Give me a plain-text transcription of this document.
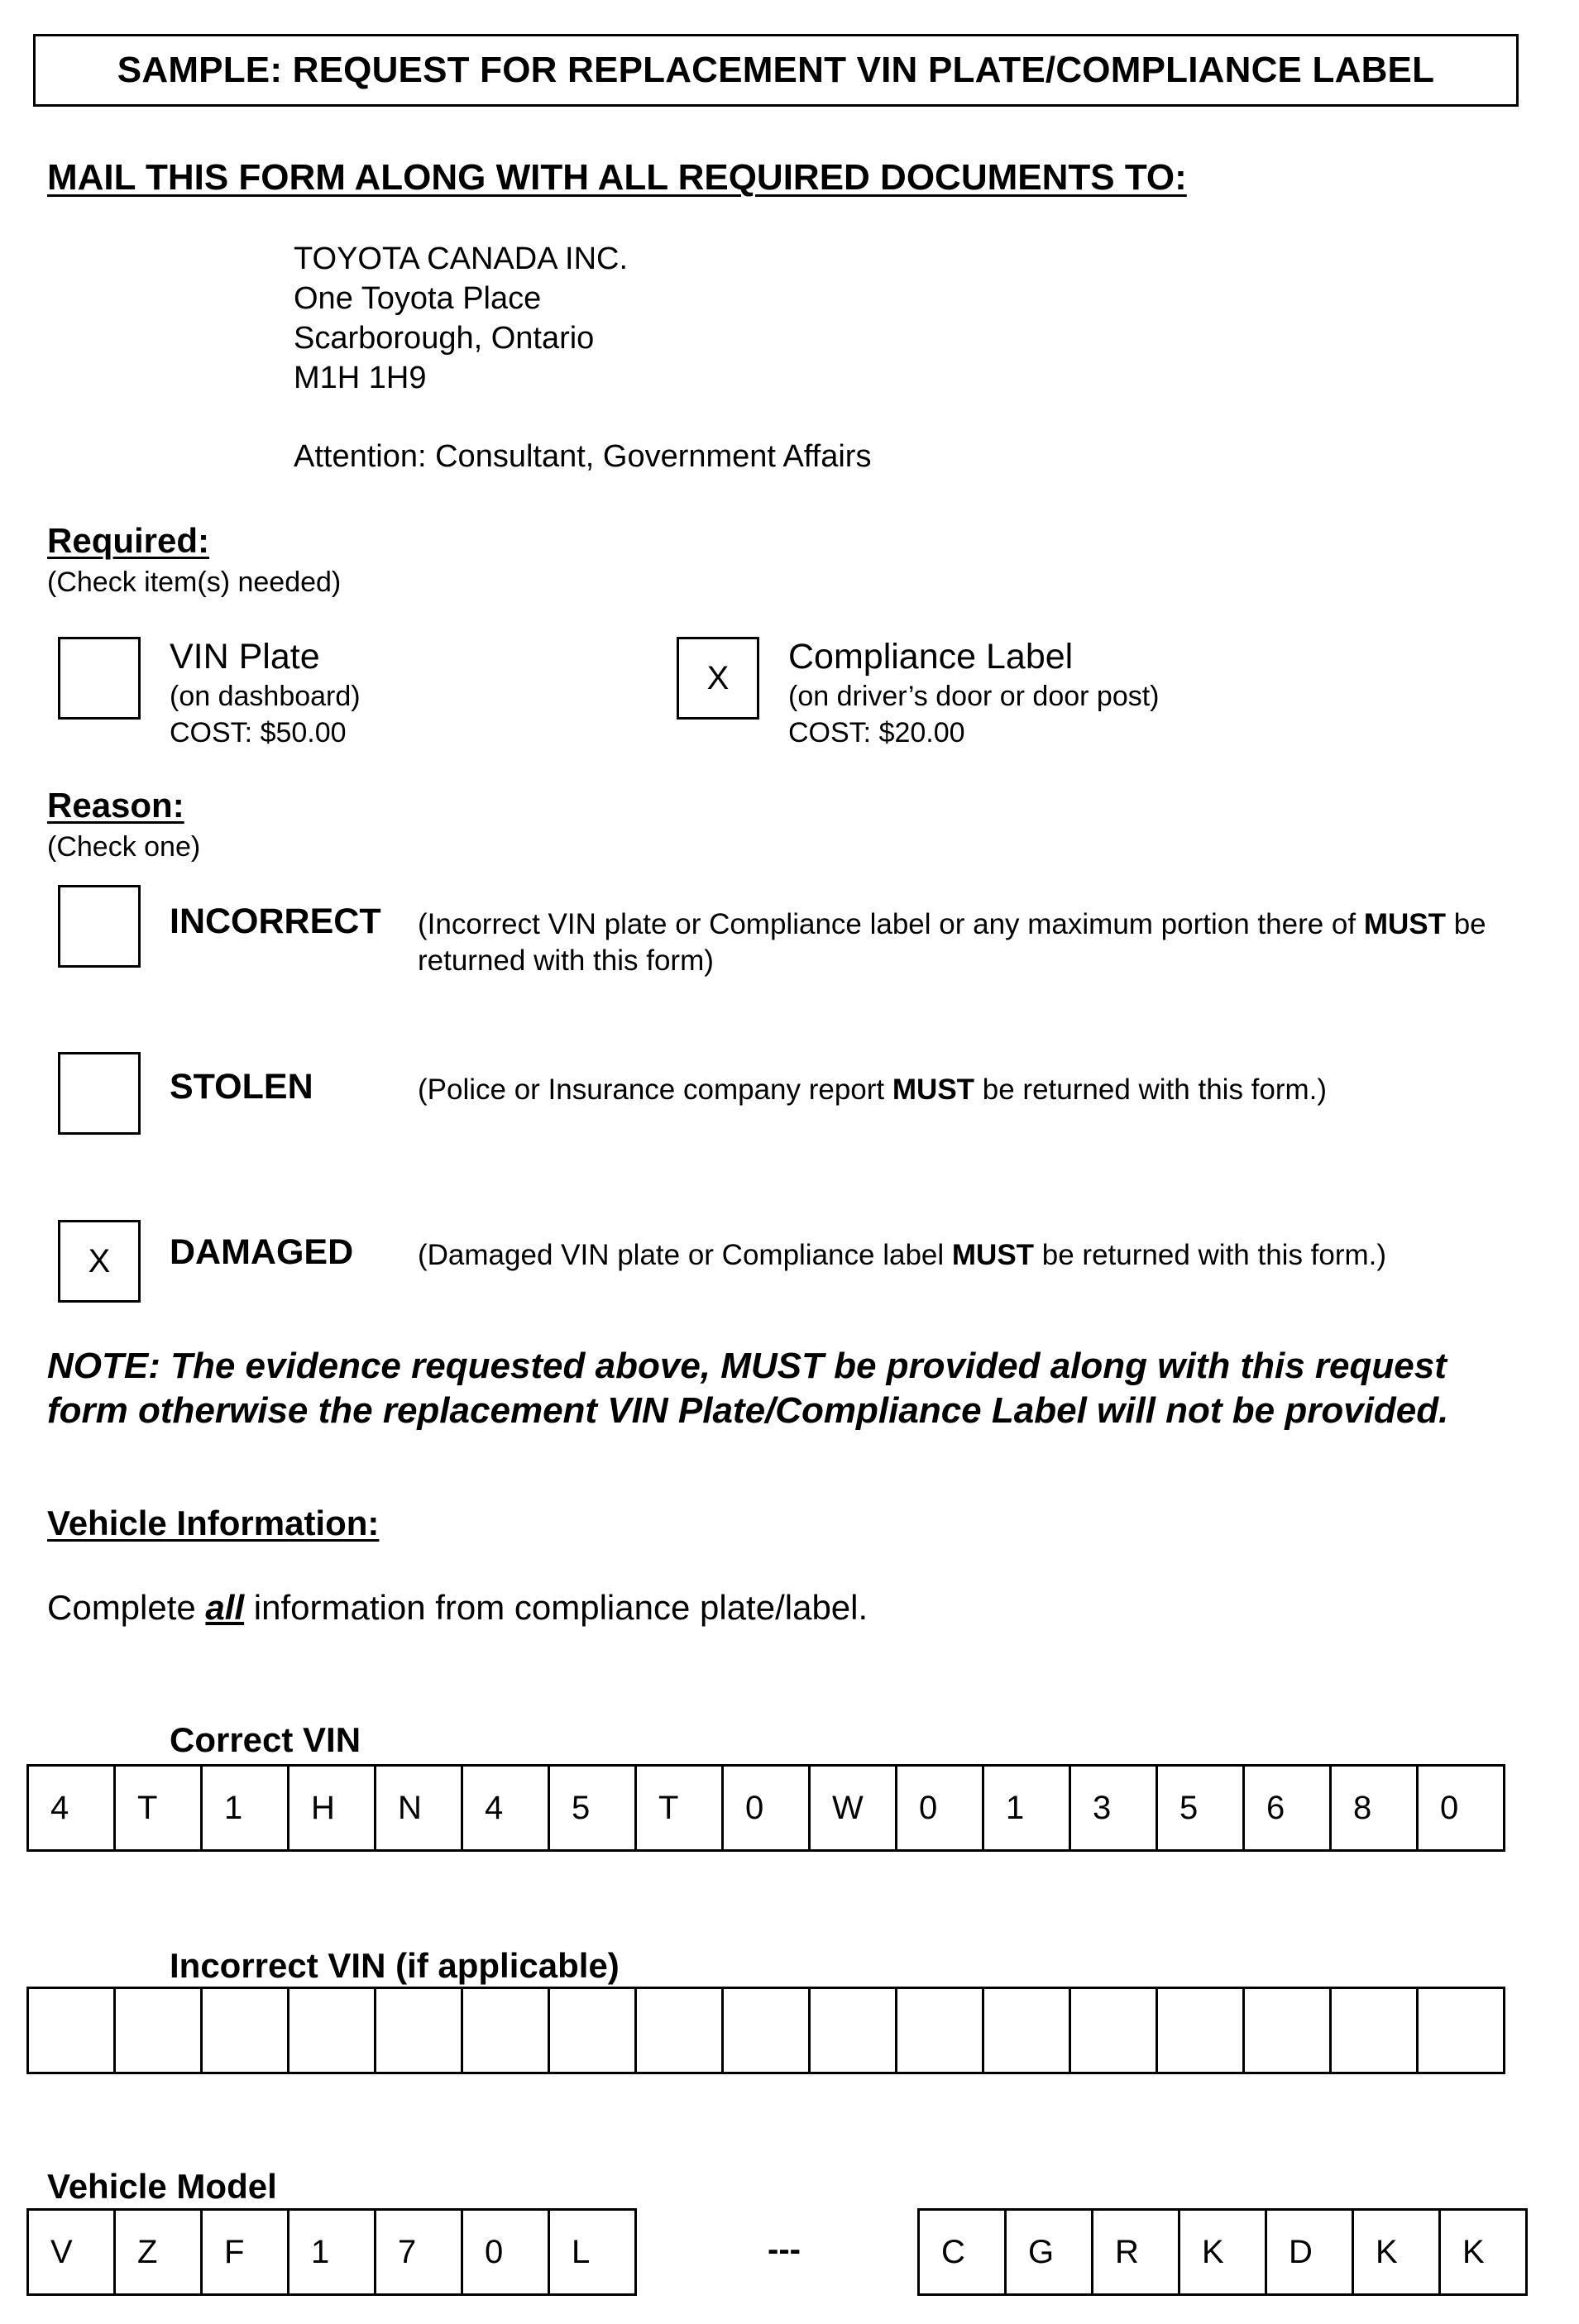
SAMPLE: REQUEST FOR REPLACEMENT VIN PLATE/COMPLIANCE LABEL
MAIL THIS FORM ALONG WITH ALL REQUIRED DOCUMENTS TO:
TOYOTA CANADA INC.
One Toyota Place
Scarborough, Ontario
M1H 1H9
Attention: Consultant, Government Affairs
Required:
(Check item(s) needed)
VIN Plate
(on dashboard)
COST: $50.00
X
Compliance Label
(on driver’s door or door post)
COST: $20.00
Reason:
(Check one)
INCORRECT (Incorrect VIN plate or Compliance label or any maximum portion there of MUST be returned with this form)
STOLEN	(Police or Insurance company report MUST be returned with this form.)
X	DAMAGED (Damaged VIN plate or Compliance label MUST be returned with this form.)
NOTE: The evidence requested above, MUST be provided along with this request form otherwise the replacement VIN Plate/Compliance Label will not be provided.
Vehicle Information:
Complete all information from compliance plate/label.
Correct VIN
4	T	1	H	N	4	5	T	0	W	0	1	3	5	6	8	0
Incorrect VIN (if applicable)
Vehicle Model
V	Z	F	1	7	0	L	---	C	G	R	K	D	K	K
